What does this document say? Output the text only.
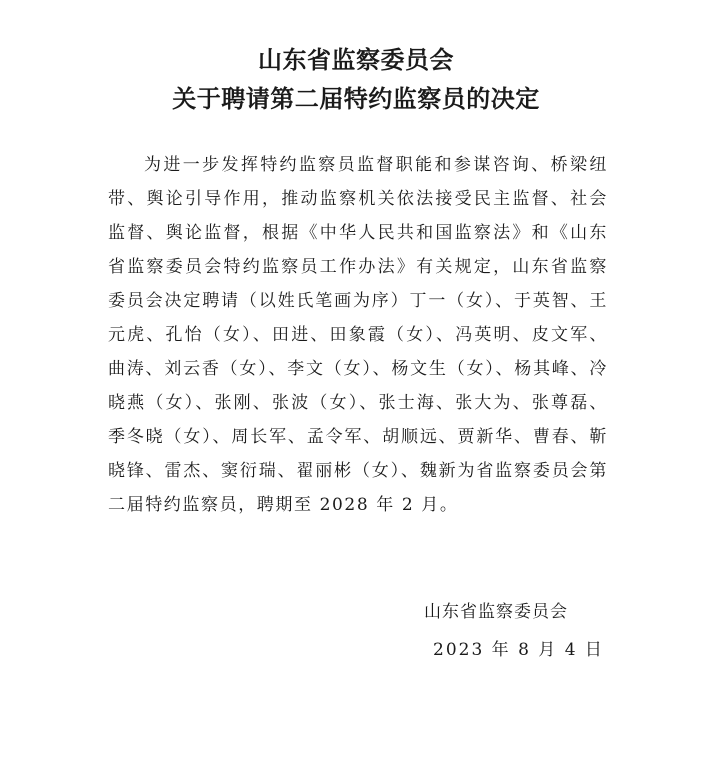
山东省监察委员会
关于聘请第二届特约监察员的决定

为进一步发挥特约监察员监督职能和参谋咨询、桥梁纽带、舆论引导作用，推动监察机关依法接受民主监督、社会监督、舆论监督，根据《中华人民共和国监察法》和《山东省监察委员会特约监察员工作办法》有关规定，山东省监察委员会决定聘请（以姓氏笔画为序）丁一（女）、于英智、王元虎、孔怡（女）、田进、田象霞（女）、冯英明、皮文军、曲涛、刘云香（女）、李文（女）、杨文生（女）、杨其峰、冷晓燕（女）、张刚、张波（女）、张士海、张大为、张尊磊、季冬晓（女）、周长军、孟令军、胡顺远、贾新华、曹春、靳晓锋、雷杰、窦衍瑞、翟丽彬（女）、魏新为省监察委员会第二届特约监察员，聘期至 2028 年 2 月。

山东省监察委员会
2023 年 8 月 4 日
